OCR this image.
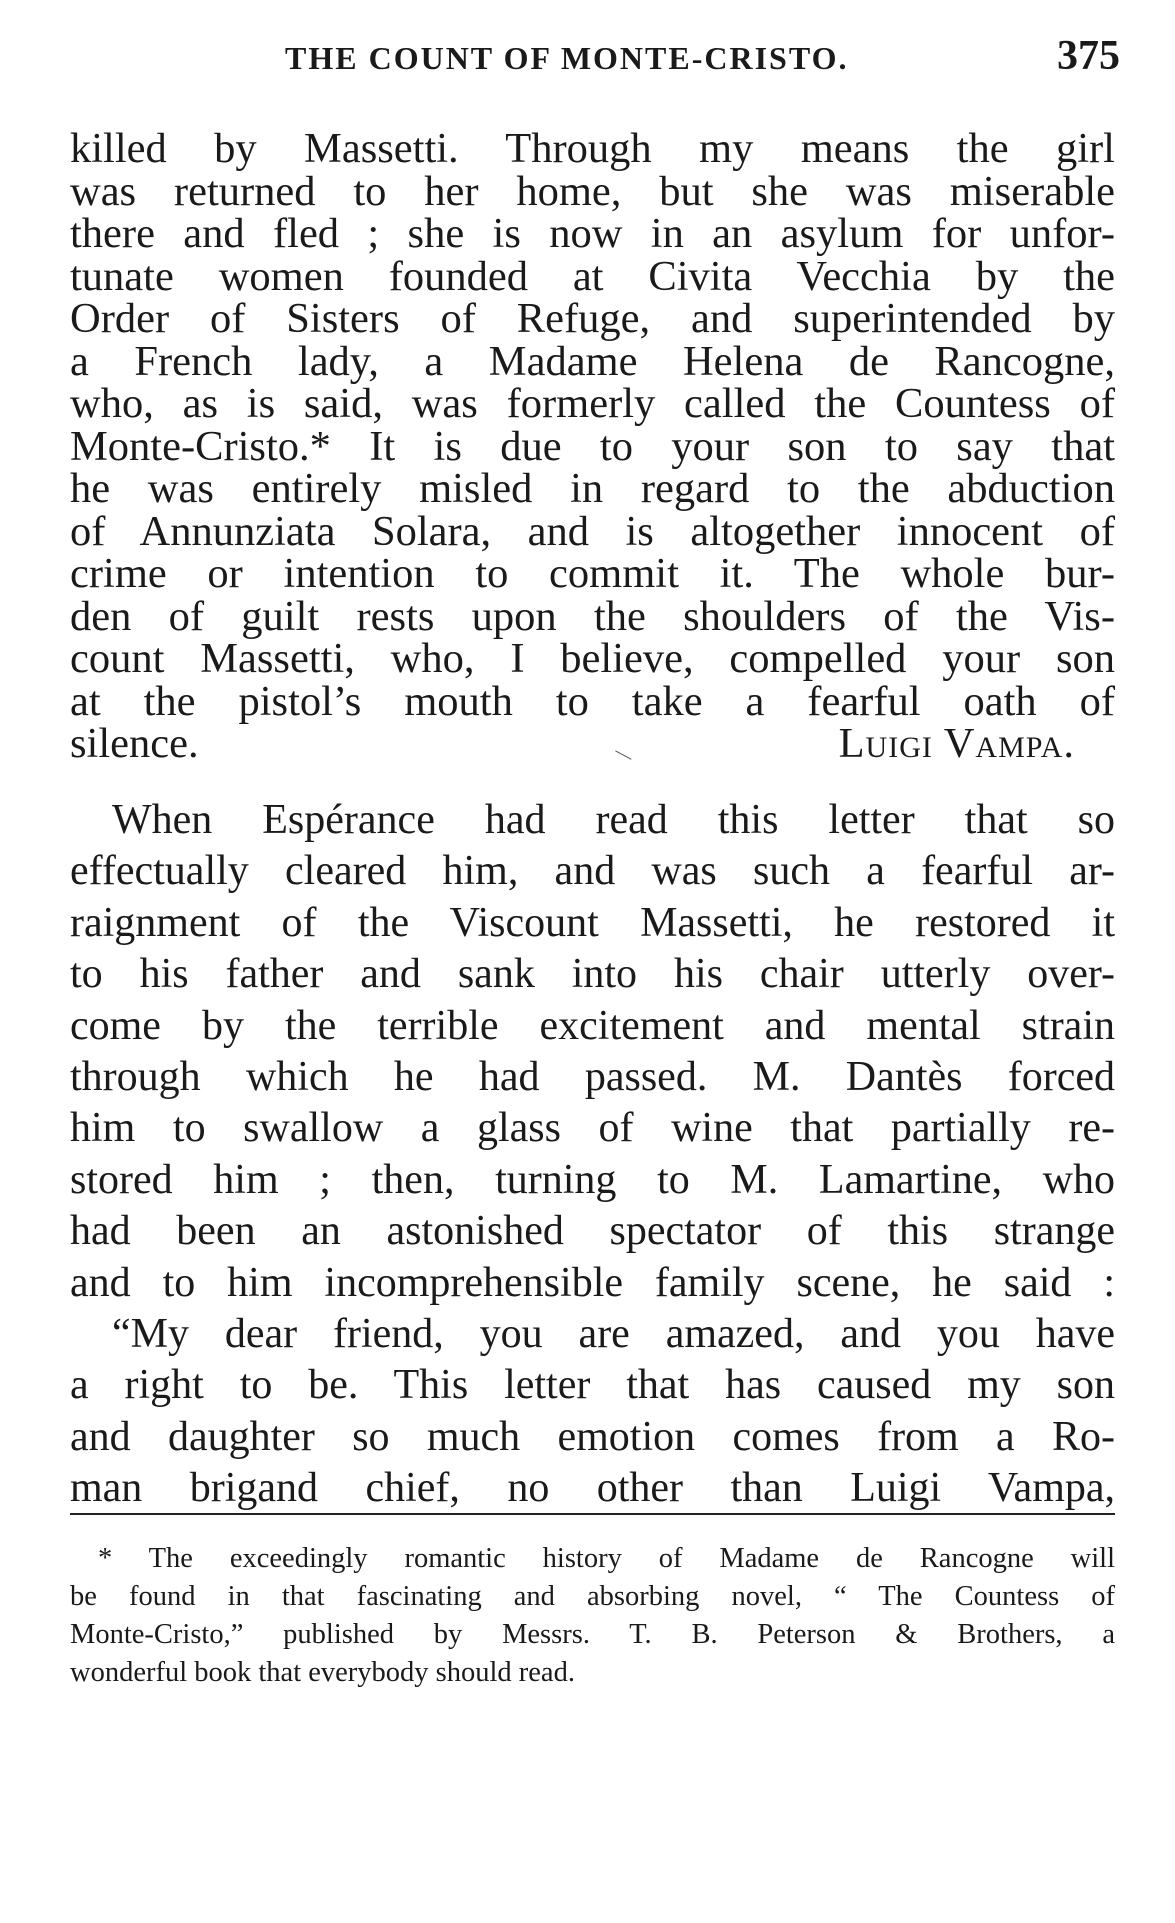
THE COUNT OF MONTE-CRISTO.	375
killed by Massetti. Through my means the girl
was returned to her home, but she was miserable
there and fled ; she is now in an asylum for unfor-
tunate women founded at Civita Vecchia by the
Order of Sisters of Refuge, and superintended by
a French lady, a Madame Helena de Rancogne,
who, as is said, was formerly called the Countess of
Monte-Cristo.* It is due to your son to say that
he was entirely misled in regard to the abduction
of Annunziata Solara, and is altogether innocent of
crime or intention to commit it. The whole bur-
den of guilt rests upon the shoulders of the Vis-
count Massetti, who, I believe, compelled your son
at the pistol’s mouth to take a fearful oath of
silence.	Luigi Vampa.
When Espérance had read this letter that so
effectually cleared him, and was such a fearful ar-
raignment of the Viscount Massetti, he restored it
to his father and sank into his chair utterly over-
come by the terrible excitement and mental strain
through which he had passed. M. Dantès forced
him to swallow a glass of wine that partially re-
stored him ; then, turning to M. Lamartine, who
had been an astonished spectator of this strange
and to him incomprehensible family scene, he said :
“My dear friend, you are amazed, and you have
a right to be. This letter that has caused my son
and daughter so much emotion comes from a Ro-
man brigand chief, no other than Luigi Vampa,
* The exceedingly romantic history of Madame de Rancogne will
be found in that fascinating and absorbing novel, “ The Countess of
Monte-Cristo,” published by Messrs. T. B. Peterson & Brothers, a
wonderful book that everybody should read.
